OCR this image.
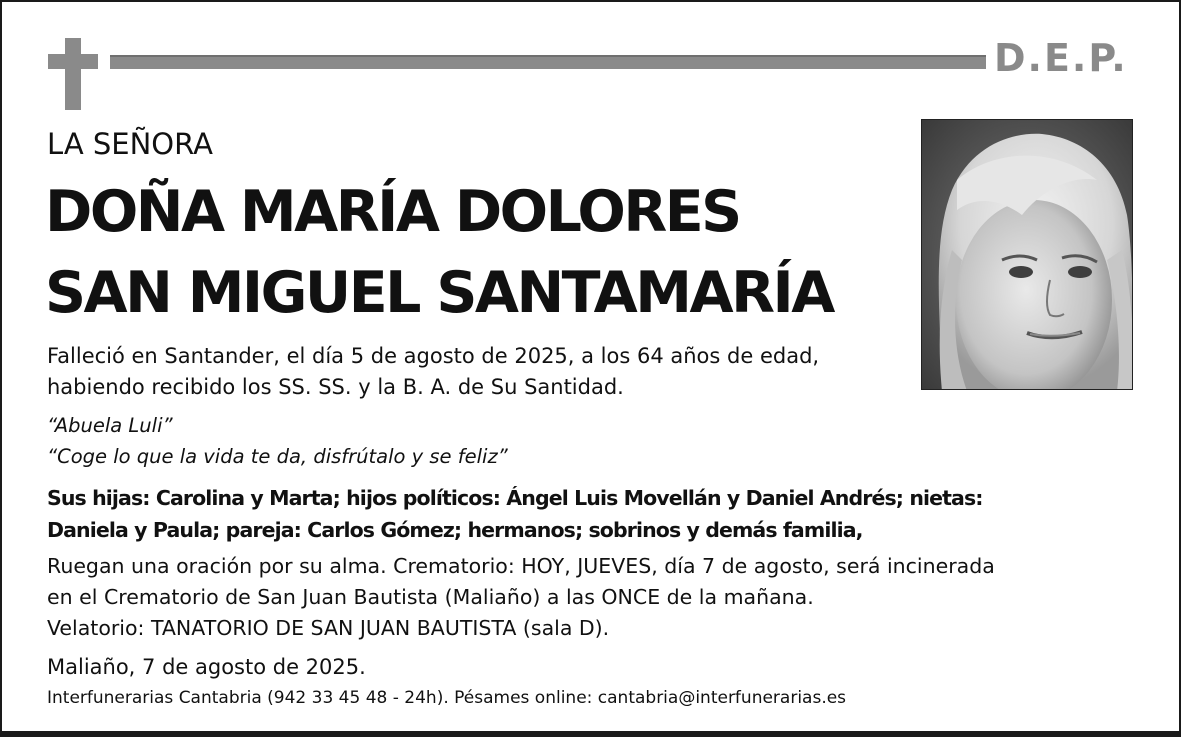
D.E.P.
LA SEÑORA
DOÑA MARÍA DOLORES
SAN MIGUEL SANTAMARÍA
Falleció en Santander, el día 5 de agosto de 2025, a los 64 años de edad,
habiendo recibido los SS. SS. y la B. A. de Su Santidad.
“Abuela Luli”
“Coge lo que la vida te da, disfrútalo y se feliz”
Sus hijas: Carolina y Marta; hijos políticos: Ángel Luis Movellán y Daniel Andrés; nietas:
Daniela y Paula; pareja: Carlos Gómez; hermanos; sobrinos y demás familia,
Ruegan una oración por su alma. Crematorio: HOY, JUEVES, día 7 de agosto, será incinerada
en el Crematorio de San Juan Bautista (Maliaño) a las ONCE de la mañana.
Velatorio: TANATORIO DE SAN JUAN BAUTISTA (sala D).
Maliaño, 7 de agosto de 2025.
Interfunerarias Cantabria (942 33 45 48 - 24h). Pésames online: cantabria@interfunerarias.es
